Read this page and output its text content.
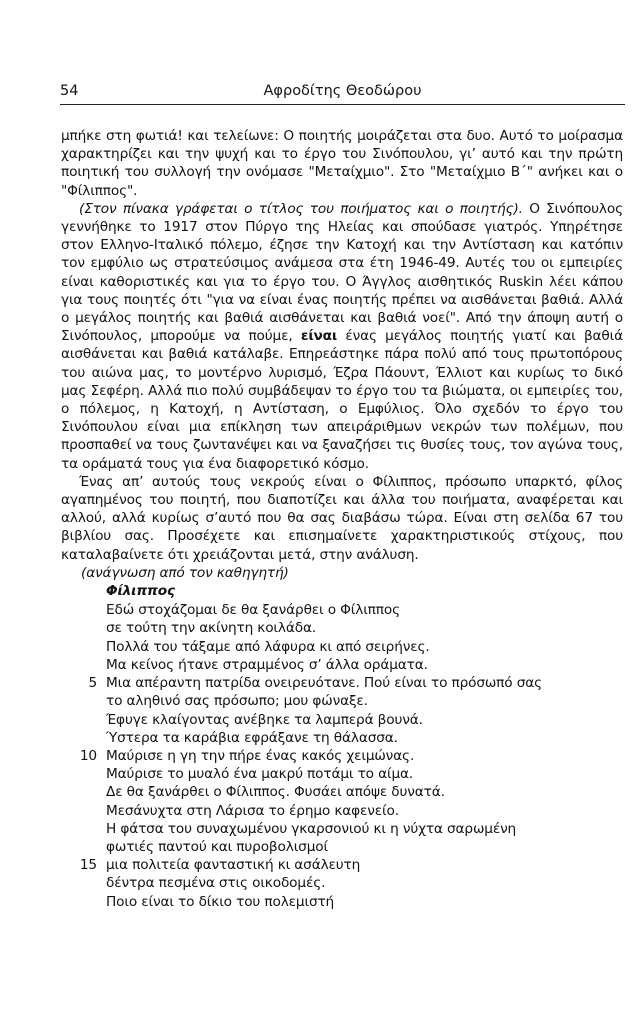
54	Αφροδίτης Θεοδώρου

μπήκε στη φωτιά! και τελείωνε: Ο ποιητής μοιράζεται στα δυο. Αυτό το μοίρασμα χαρακτηρίζει και την ψυχή και το έργο του Σινόπουλου, γι’ αυτό και την πρώτη ποιητική του συλλογή την ονόμασε "Μεταίχμιο". Στο "Μεταίχμιο Β΄" ανήκει και ο "Φίλιππος".

(Στον πίνακα γράφεται ο τίτλος του ποιήματος και ο ποιητής). Ο Σινόπουλος γεννήθηκε το 1917 στον Πύργο της Ηλείας και σπούδασε γιατρός. Υπηρέτησε στον Ελληνο-Ιταλικό πόλεμο, έζησε την Κατοχή και την Αντίσταση και κατόπιν τον εμφύλιο ως στρατεύσιμος ανάμεσα στα έτη 1946-49. Αυτές του οι εμπειρίες είναι καθοριστικές και για το έργο του. Ο Άγγλος αισθητικός Ruskin λέει κάπου για τους ποιητές ότι "για να είναι ένας ποιητής πρέπει να αισθάνεται βαθιά. Αλλά ο μεγάλος ποιητής και βαθιά αισθάνεται και βαθιά νοεί". Από την άποψη αυτή ο Σινόπουλος, μπορούμε να πούμε, είναι ένας μεγάλος ποιητής γιατί και βαθιά αισθάνεται και βαθιά κατάλαβε. Επηρεάστηκε πάρα πολύ από τους πρωτοπόρους του αιώνα μας, το μοντέρνο λυρισμό, Έζρα Πάουντ, Έλλιοτ και κυρίως το δικό μας Σεφέρη. Αλλά πιο πολύ συμβάδεψαν το έργο του τα βιώματα, οι εμπειρίες του, ο πόλεμος, η Κατοχή, η Αντίσταση, ο Εμφύλιος. Όλο σχεδόν το έργο του Σινόπουλου είναι μια επίκληση των απειράριθμων νεκρών των πολέμων, που προσπαθεί να τους ζωντανέψει και να ξαναζήσει τις θυσίες τους, τον αγώνα τους, τα οράματά τους για ένα διαφορετικό κόσμο.

Ένας απ’ αυτούς τους νεκρούς είναι ο Φίλιππος, πρόσωπο υπαρκτό, φίλος αγαπημένος του ποιητή, που διαποτίζει και άλλα του ποιήματα, αναφέρεται και αλλού, αλλά κυρίως σ’αυτό που θα σας διαβάσω τώρα. Είναι στη σελίδα 67 του βιβλίου σας. Προσέχετε και επισημαίνετε χαρακτηριστικούς στίχους, που καταλαβαίνετε ότι χρειάζονται μετά, στην ανάλυση.

(ανάγνωση από τον καθηγητή)

Φίλιππος

Εδώ στοχάζομαι δε θα ξανάρθει ο Φίλιππος
σε τούτη την ακίνητη κοιλάδα.
Πολλά του τάξαμε από λάφυρα κι από σειρήνες.
Μα κείνος ήτανε στραμμένος σ’ άλλα οράματα.
5 Μια απέραντη πατρίδα ονειρευότανε. Πού είναι το πρόσωπό σας
το αληθινό σας πρόσωπο; μου φώναξε.
Έφυγε κλαίγοντας ανέβηκε τα λαμπερά βουνά.
Ύστερα τα καράβια εφράξανε τη θάλασσα.
10 Μαύρισε η γη την πήρε ένας κακός χειμώνας.
Μαύρισε το μυαλό ένα μακρύ ποτάμι το αίμα.
Δε θα ξανάρθει ο Φίλιππος. Φυσάει απόψε δυνατά.
Μεσάνυχτα στη Λάρισα το έρημο καφενείο.
Η φάτσα του συναχωμένου γκαρσονιού κι η νύχτα σαρωμένη
φωτιές παντού και πυροβολισμοί
15 μια πολιτεία φανταστική κι ασάλευτη
δέντρα πεσμένα στις οικοδομές.
Ποιο είναι το δίκιο του πολεμιστή
